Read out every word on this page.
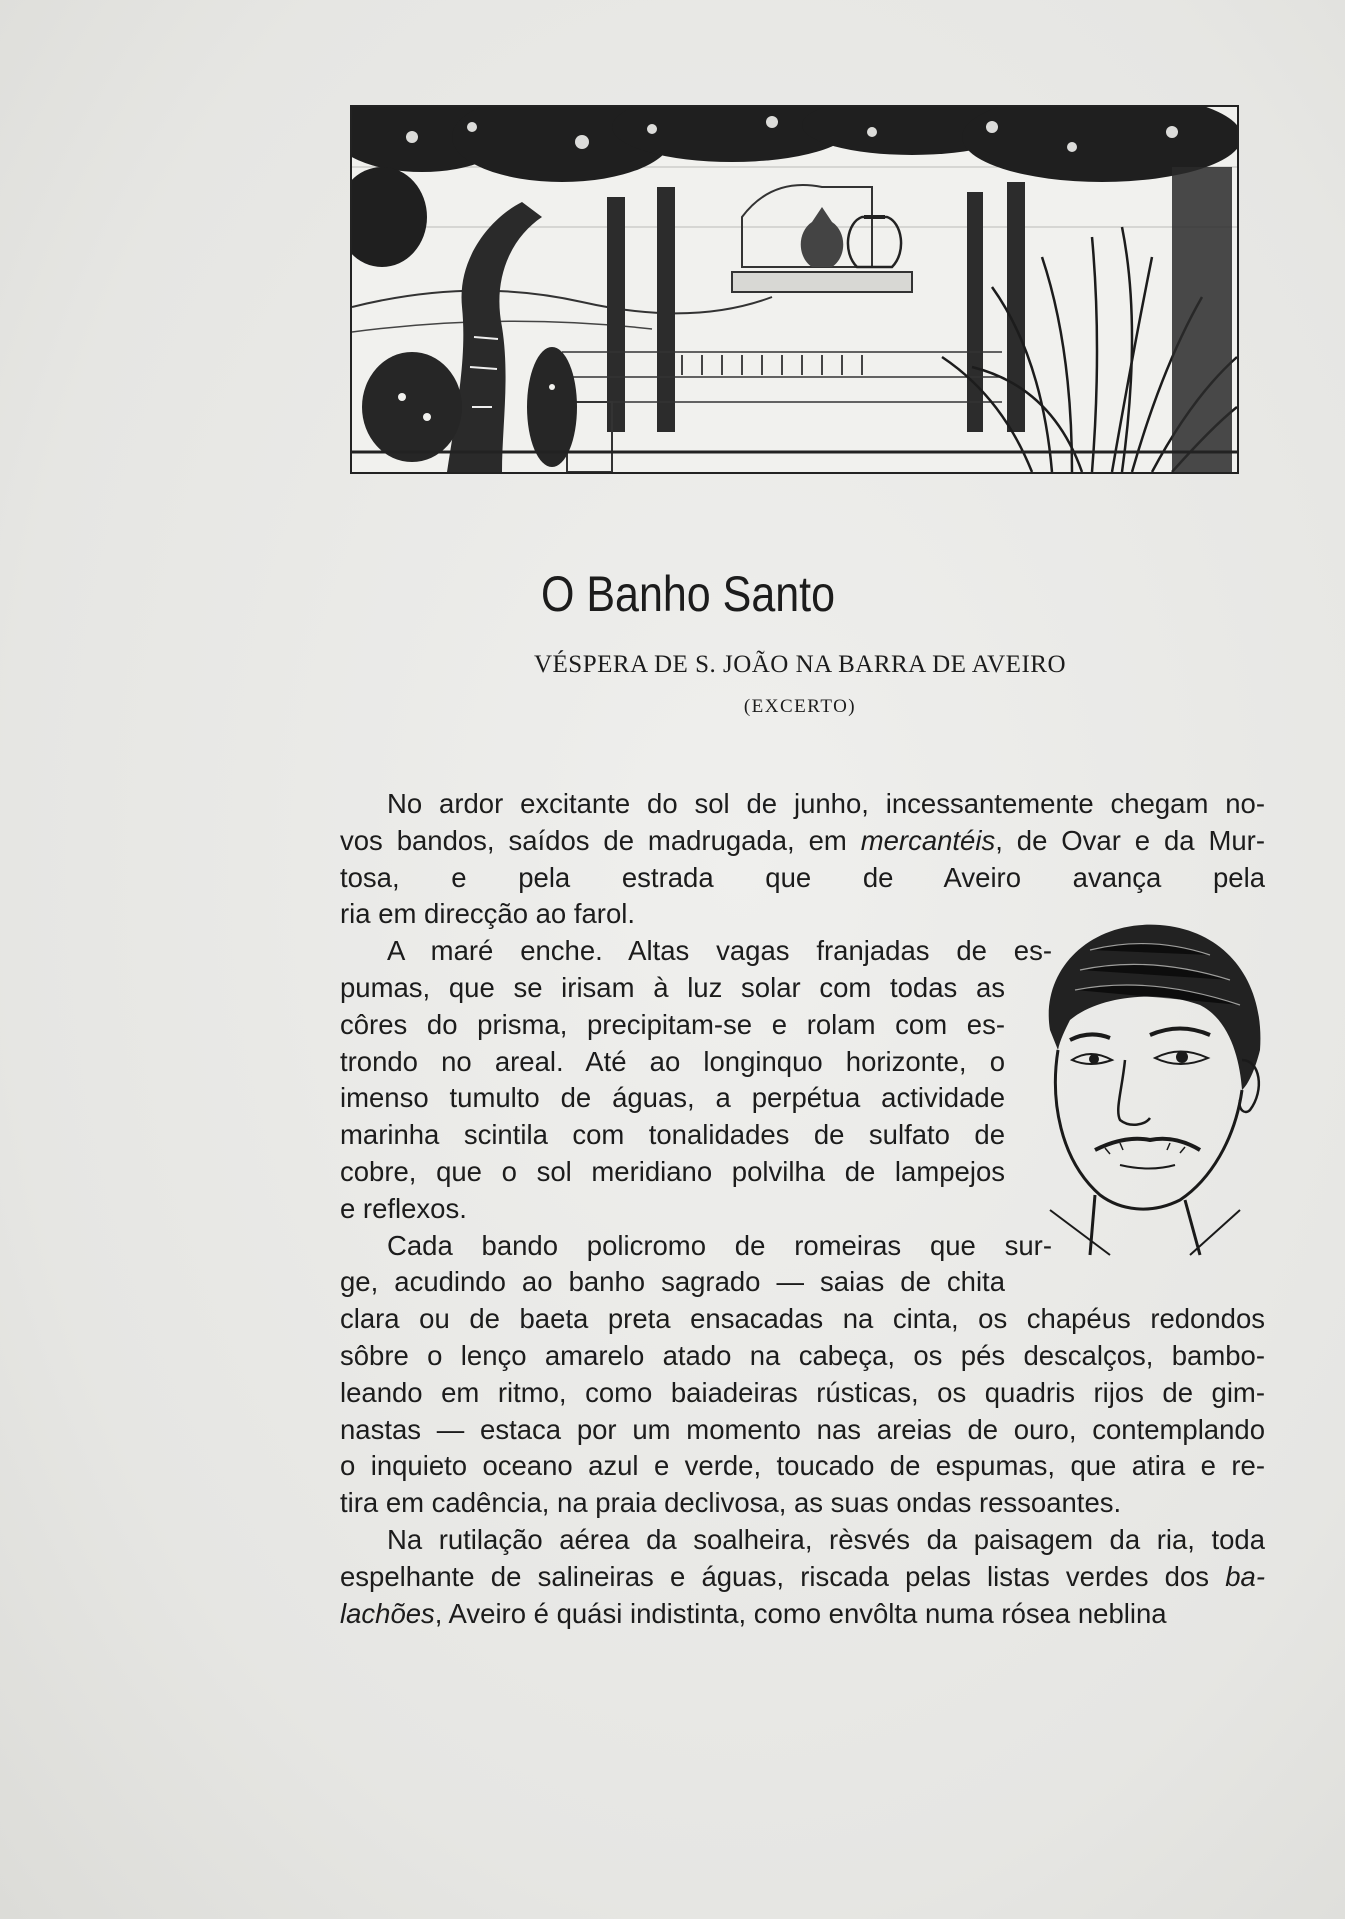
O Banho Santo
VÉSPERA DE S. JOÃO NA BARRA DE AVEIRO
(EXCERTO)
No ardor excitante do sol de junho, incessantemente chegam no-
vos bandos, saídos de madrugada, em mercantéis, de Ovar e da Mur-
tosa, e pela estrada que de Aveiro avança pela
ria em direcção ao farol.
A maré enche. Altas vagas franjadas de es-
pumas, que se irisam à luz solar com todas as
côres do prisma, precipitam-se e rolam com es-
trondo no areal. Até ao longinquo horizonte, o
imenso tumulto de águas, a perpétua actividade
marinha scintila com tonalidades de sulfato de
cobre, que o sol meridiano polvilha de lampejos
e reflexos.
Cada bando policromo de romeiras que sur-
ge, acudindo ao banho sagrado — saias de chita
clara ou de baeta preta ensacadas na cinta, os chapéus redondos
sôbre o lenço amarelo atado na cabeça, os pés descalços, bambo-
leando em ritmo, como baiadeiras rústicas, os quadris rijos de gim-
nastas — estaca por um momento nas areias de ouro, contemplando
o inquieto oceano azul e verde, toucado de espumas, que atira e re-
tira em cadência, na praia declivosa, as suas ondas ressoantes.
Na rutilação aérea da soalheira, rèsvés da paisagem da ria, toda
espelhante de salineiras e águas, riscada pelas listas verdes dos ba-
lachões, Aveiro é quási indistinta, como envôlta numa rósea neblina
